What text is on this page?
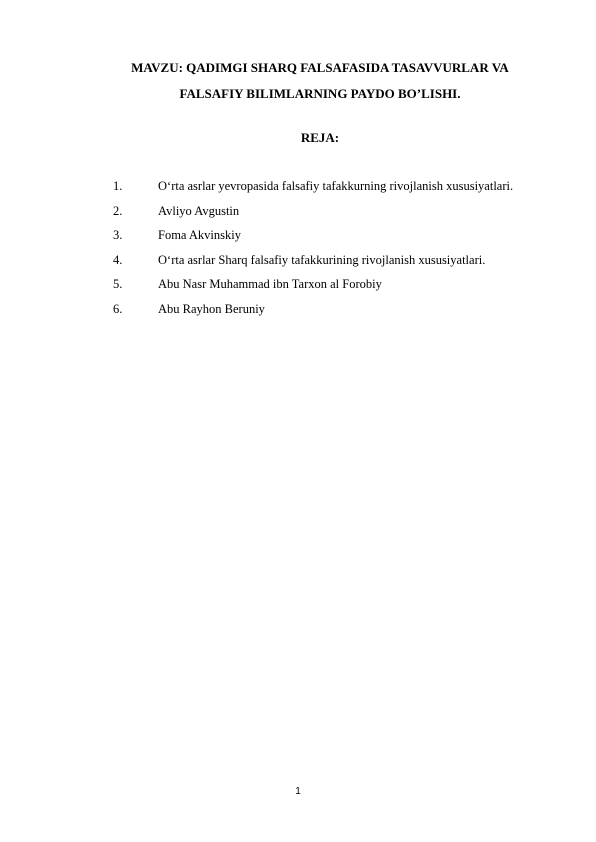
MAVZU: QADIMGI SHARQ FALSAFASIDA TASAVVURLAR VA
FALSAFIY BILIMLARNING PAYDO BO’LISHI.
REJA:
1.	O‘rta asrlar yevropasida falsafiy tafakkurning rivojlanish xususiyatlari.
2.	Avliyo Avgustin
3.	Foma Akvinskiy
4.	O‘rta asrlar Sharq falsafiy tafakkurining rivojlanish xususiyatlari.
5.	Abu Nasr Muhammad ibn Tarxon al Forobiy
6.	Abu Rayhon Beruniy
1
